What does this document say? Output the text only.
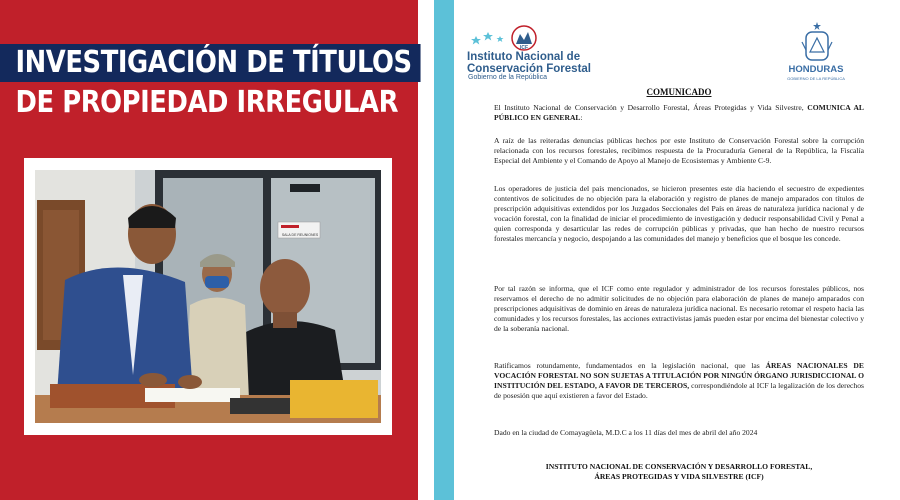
INVESTIGACIÓN DE TÍTULOS
DE PROPIEDAD IRREGULAR
SALA DE REUNIONES
ICF
Instituto Nacional de
Conservación Forestal
Gobierno de la República
HONDURAS
GOBIERNO DE LA REPÚBLICA
COMUNICADO
El Instituto Nacional de Conservación y Desarrollo Forestal, Áreas Protegidas y Vida Silvestre, COMUNICA AL PÚBLICO EN GENERAL:
A raíz de las reiteradas denuncias públicas hechos por este Instituto de Conservación Forestal sobre la corrupción relacionada con los recursos forestales, recibimos respuesta de la Procuraduría General de la República, la Fiscalía Especial del Ambiente y el Comando de Apoyo al Manejo de Ecosistemas y Ambiente C-9.
Los operadores de justicia del país mencionados, se hicieron presentes este día haciendo el secuestro de expedientes contentivos de solicitudes de no objeción para la elaboración y registro de planes de manejo amparados con títulos de prescripción adquisitivas extendidos por los Juzgados Seccionales del País en áreas de naturaleza jurídica nacional y de vocación forestal, con la finalidad de iniciar el procedimiento de investigación y deducir responsabilidad Civil y Penal a quien corresponda y desarticular las redes de corrupción públicas y privadas, que han hecho de nuestro recursos forestales mercancía y negocio, despojando a las comunidades del manejo y beneficios que el bosque les concede.
Por tal razón se informa, que el ICF como ente regulador y administrador de los recursos forestales públicos, nos reservamos el derecho de no admitir solicitudes de no objeción para elaboración de planes de manejo amparados con prescripciones adquisitivas de dominio en áreas de naturaleza jurídica nacional. Es necesario retomar el respeto hacia las comunidades y los recursos forestales, las acciones extractivistas jamás pueden estar por encima del bienestar colectivo y de la soberanía nacional.
Ratificamos rotundamente, fundamentados en la legislación nacional, que las ÁREAS NACIONALES DE VOCACIÓN FORESTAL NO SON SUJETAS A TITULACIÓN POR NINGÚN ÓRGANO JURISDICCIONAL O INSTITUCIÓN DEL ESTADO, A FAVOR DE TERCEROS, correspondiéndole al ICF la legalización de los derechos de posesión que aquí existieren a favor del Estado.
Dado en la ciudad de Comayagüela, M.D.C a los 11 días del mes de abril del año 2024
INSTITUTO NACIONAL DE CONSERVACIÓN Y DESARROLLO FORESTAL,
ÁREAS PROTEGIDAS Y VIDA SILVESTRE (ICF)
